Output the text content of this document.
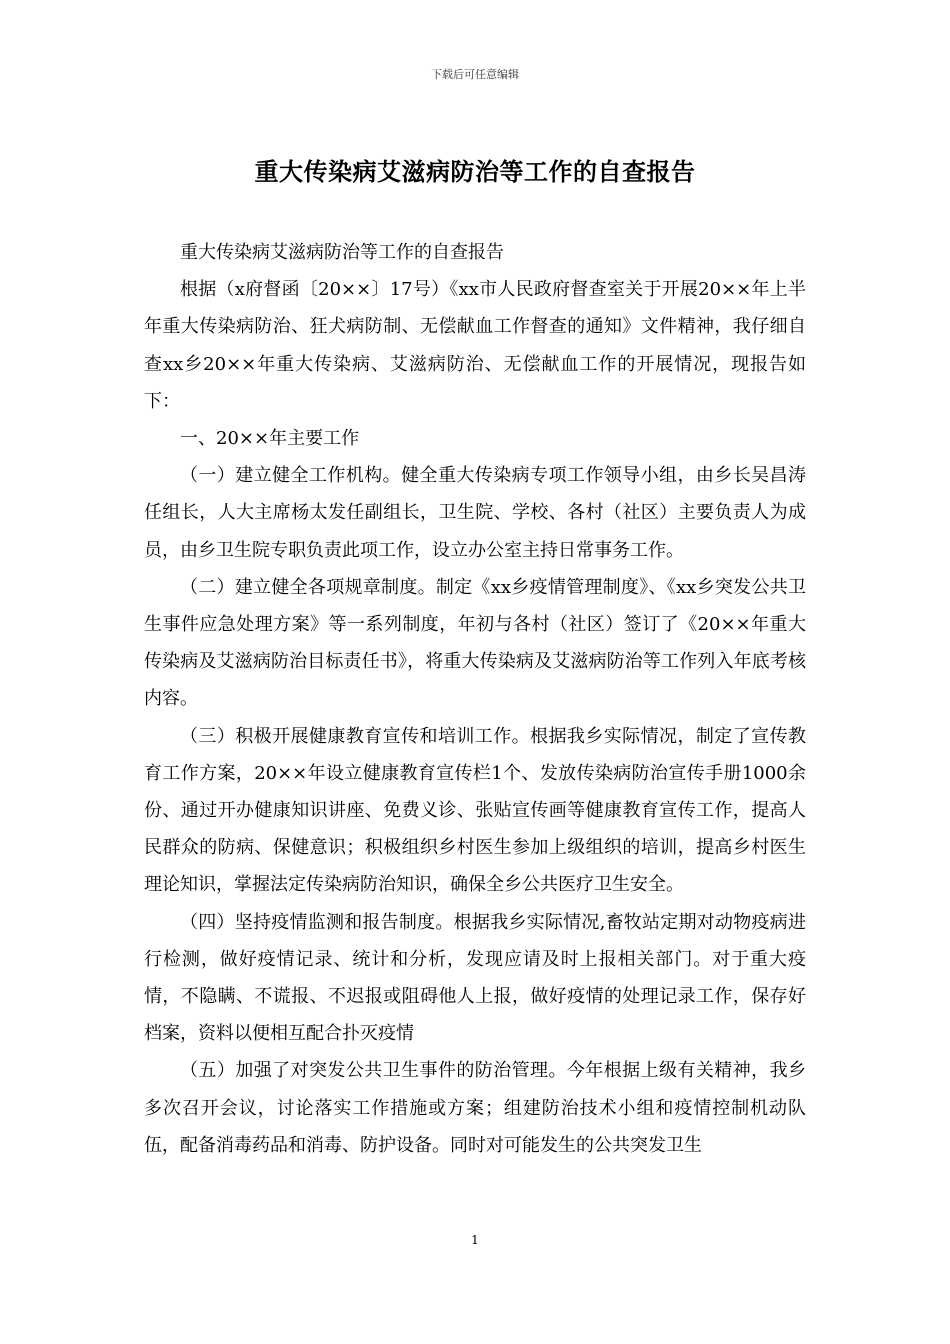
下载后可任意编辑
重大传染病艾滋病防治等工作的自查报告

重大传染病艾滋病防治等工作的自查报告

根据（x府督函〔20××〕17号）《xx市人民政府督查室关于开展20××年上半年重大传染病防治、狂犬病防制、无偿献血工作督查的通知》文件精神，我仔细自查xx乡20××年重大传染病、艾滋病防治、无偿献血工作的开展情况，现报告如下：

一、20××年主要工作

（一）建立健全工作机构。健全重大传染病专项工作领导小组，由乡长吴昌涛任组长，人大主席杨太发任副组长，卫生院、学校、各村（社区）主要负责人为成员，由乡卫生院专职负责此项工作，设立办公室主持日常事务工作。

（二）建立健全各项规章制度。制定《xx乡疫情管理制度》、《xx乡突发公共卫生事件应急处理方案》等一系列制度，年初与各村（社区）签订了《20××年重大传染病及艾滋病防治目标责任书》，将重大传染病及艾滋病防治等工作列入年底考核内容。

（三）积极开展健康教育宣传和培训工作。根据我乡实际情况，制定了宣传教育工作方案，20××年设立健康教育宣传栏1个、发放传染病防治宣传手册1000余份、通过开办健康知识讲座、免费义诊、张贴宣传画等健康教育宣传工作，提高人民群众的防病、保健意识；积极组织乡村医生参加上级组织的培训，提高乡村医生理论知识，掌握法定传染病防治知识，确保全乡公共医疗卫生安全。

（四）坚持疫情监测和报告制度。根据我乡实际情况,畜牧站定期对动物疫病进行检测，做好疫情记录、统计和分析，发现应请及时上报相关部门。对于重大疫情，不隐瞒、不谎报、不迟报或阻碍他人上报，做好疫情的处理记录工作，保存好档案，资料以便相互配合扑灭疫情

（五）加强了对突发公共卫生事件的防治管理。今年根据上级有关精神，我乡多次召开会议，讨论落实工作措施或方案；组建防治技术小组和疫情控制机动队伍，配备消毒药品和消毒、防护设备。同时对可能发生的公共突发卫生

1
